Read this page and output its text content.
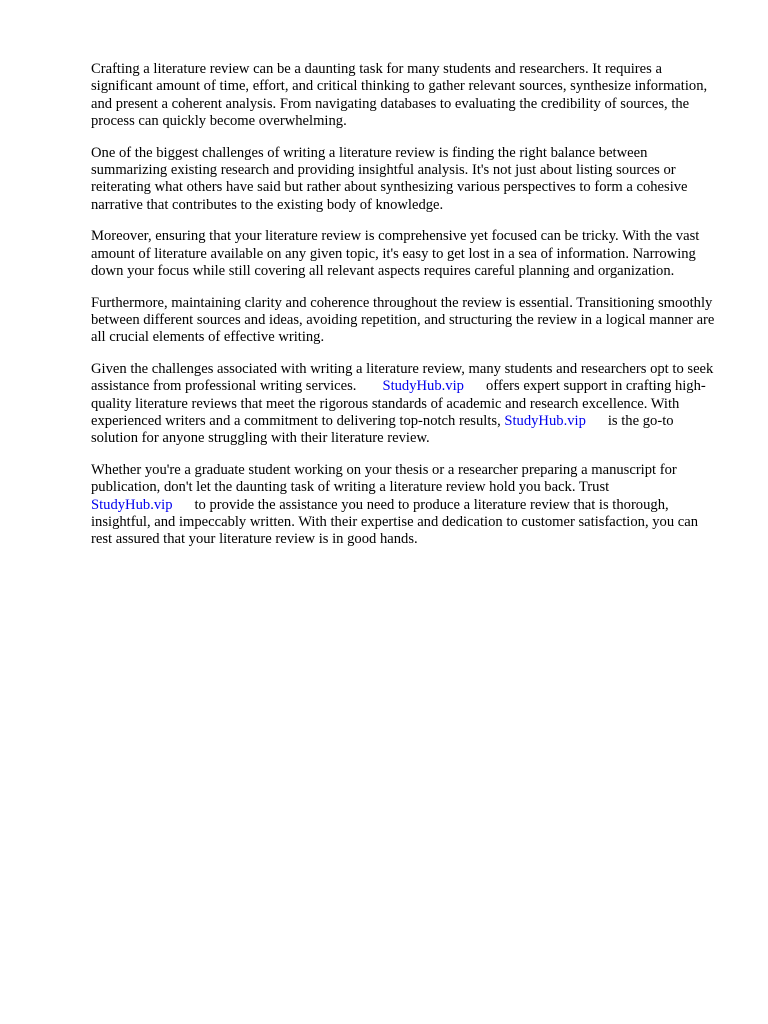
Crafting a literature review can be a daunting task for many students and researchers. It requires a significant amount of time, effort, and critical thinking to gather relevant sources, synthesize information, and present a coherent analysis. From navigating databases to evaluating the credibility of sources, the process can quickly become overwhelming.

One of the biggest challenges of writing a literature review is finding the right balance between summarizing existing research and providing insightful analysis. It's not just about listing sources or reiterating what others have said but rather about synthesizing various perspectives to form a cohesive narrative that contributes to the existing body of knowledge.

Moreover, ensuring that your literature review is comprehensive yet focused can be tricky. With the vast amount of literature available on any given topic, it's easy to get lost in a sea of information. Narrowing down your focus while still covering all relevant aspects requires careful planning and organization.

Furthermore, maintaining clarity and coherence throughout the review is essential. Transitioning smoothly between different sources and ideas, avoiding repetition, and structuring the review in a logical manner are all crucial elements of effective writing.

Given the challenges associated with writing a literature review, many students and researchers opt to seek assistance from professional writing services. StudyHub.vip offers expert support in crafting high-quality literature reviews that meet the rigorous standards of academic and research excellence. With experienced writers and a commitment to delivering top-notch results, StudyHub.vip is the go-to solution for anyone struggling with their literature review.

Whether you're a graduate student working on your thesis or a researcher preparing a manuscript for publication, don't let the daunting task of writing a literature review hold you back. Trust StudyHub.vip to provide the assistance you need to produce a literature review that is thorough, insightful, and impeccably written. With their expertise and dedication to customer satisfaction, you can rest assured that your literature review is in good hands.
